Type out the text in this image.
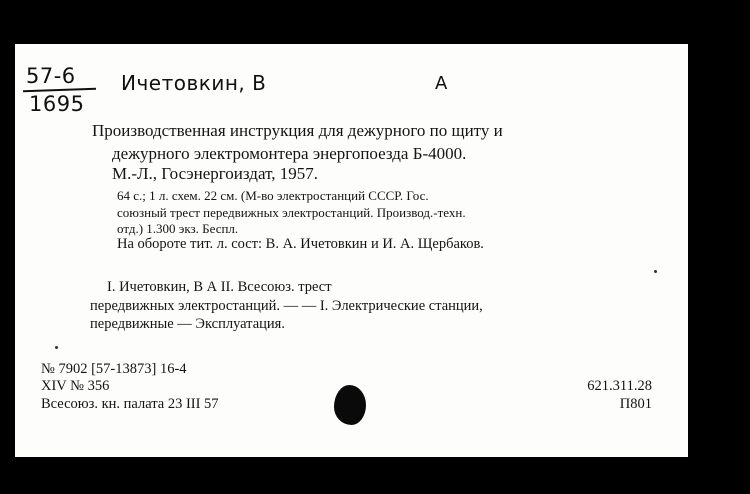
57-6
1695
Ичетовкин, В	А
Производственная инструкция для дежурного по щиту и
дежурного электромонтера энергопоезда Б-4000.
М.-Л., Госэнергоиздат, 1957.
64 с.; 1 л. схем. 22 см. (М-во электростанций СССР. Гос.
союзный трест передвижных электростанций. Производ.-техн.
отд.) 1.300 экз. Беспл.
На обороте тит. л. сост: В. А. Ичетовкин и И. А. Щербаков.
I. Ичетовкин, В А II. Всесоюз. трест
передвижных электростанций. — — I. Электрические станции,
передвижные — Эксплуатация.
№ 7902 [57-13873] 16-4
XIV № 356
Всесоюз. кн. палата 23 III 57
621.311.28
П801
